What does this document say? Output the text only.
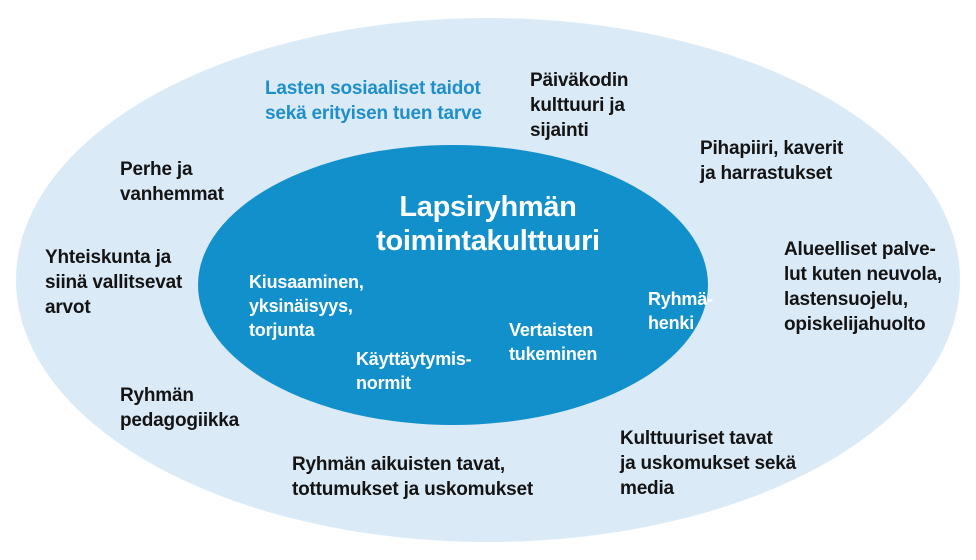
Lapsiryhmän
toimintakulttuuri

Kiusaaminen,
yksinäisyys,
torjunta

Käyttäytymis-
normit

Vertaisten
tukeminen

Ryhmä-
henki

Lasten sosiaaliset taidot
sekä erityisen tuen tarve

Päiväkodin
kulttuuri ja
sijainti

Pihapiiri, kaverit
ja harrastukset

Alueelliset palve-
lut kuten neuvola,
lastensuojelu,
opiskelijahuolto

Kulttuuriset tavat
ja uskomukset sekä
media

Ryhmän aikuisten tavat,
tottumukset ja uskomukset

Ryhmän
pedagogiikka

Yhteiskunta ja
siinä vallitsevat
arvot

Perhe ja
vanhemmat
